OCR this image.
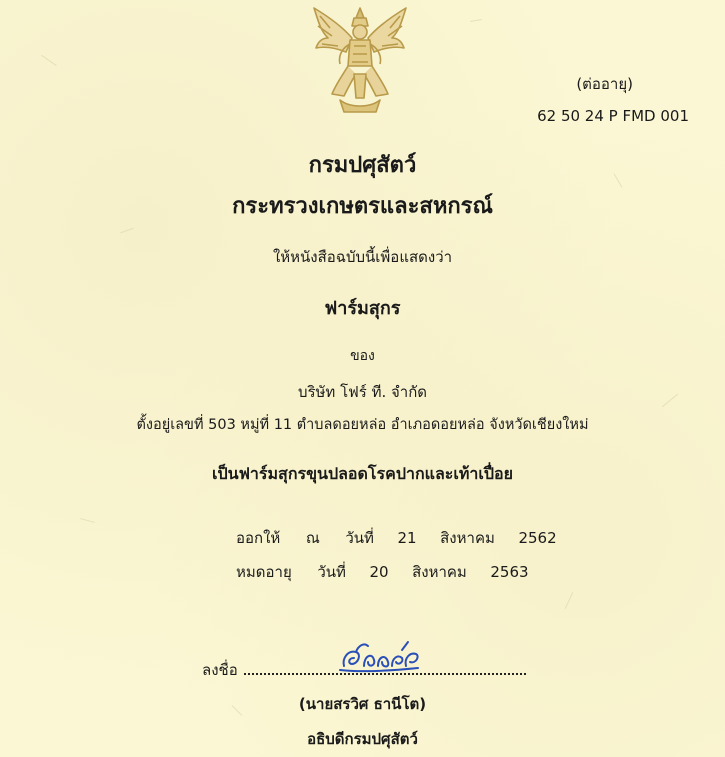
(ต่ออายุ)
62 50 24 P FMD 001
กรมปศุสัตว์
กระทรวงเกษตรและสหกรณ์
ให้หนังสือฉบับนี้เพื่อแสดงว่า
ฟาร์มสุกร
ของ
บริษัท โฟร์ ที. จำกัด
ตั้งอยู่เลขที่ 503 หมู่ที่ 11 ตำบลดอยหล่อ อำเภอดอยหล่อ จังหวัดเชียงใหม่
เป็นฟาร์มสุกรขุนปลอดโรคปากและเท้าเปื่อย
ออกให้ ณ วันที่ 21 สิงหาคม 2562
หมดอายุ วันที่ 20 สิงหาคม 2563
ลงชื่อ
(นายสรวิศ ธานีโต)
อธิบดีกรมปศุสัตว์
